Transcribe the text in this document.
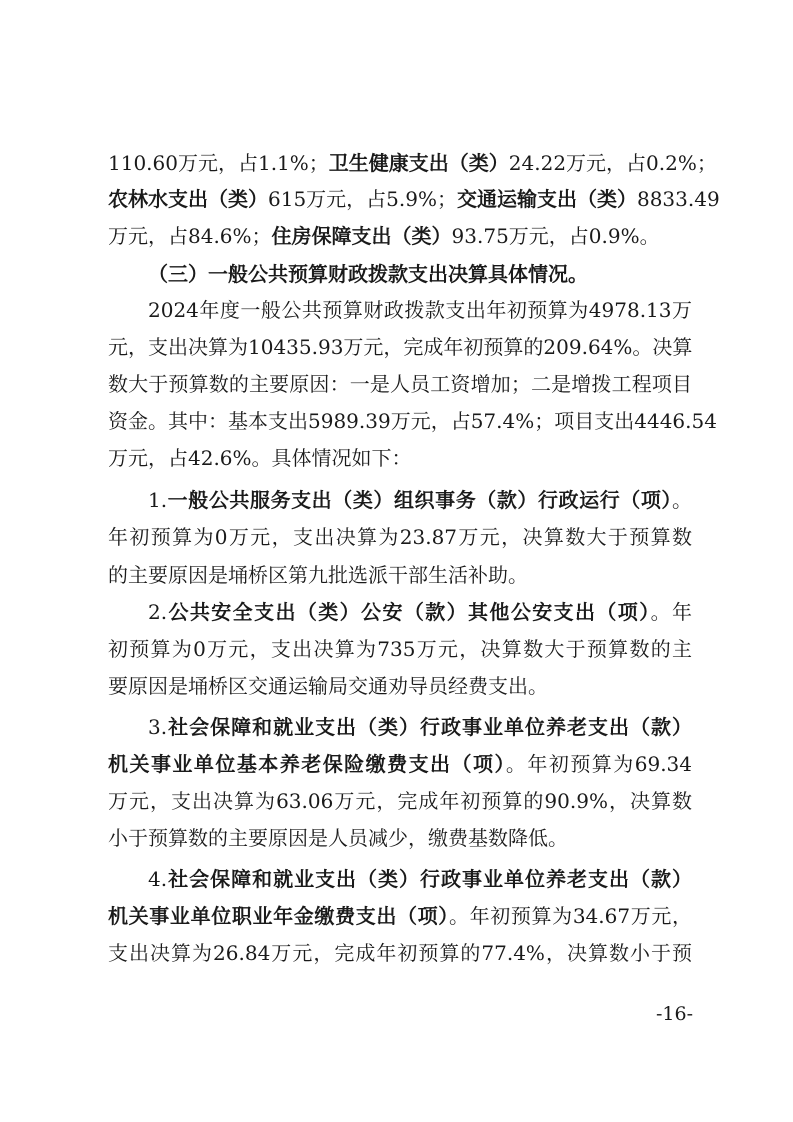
110.60万元，占1.1%；卫生健康支出（类）24.22万元，占0.2%；
农林水支出（类）615万元，占5.9%；交通运输支出（类）8833.49
万元，占84.6%；住房保障支出（类）93.75万元，占0.9%。
（三）一般公共预算财政拨款支出决算具体情况。
2024年度一般公共预算财政拨款支出年初预算为4978.13万
元，支出决算为10435.93万元，完成年初预算的209.64%。决算
数大于预算数的主要原因：一是人员工资增加；二是增拨工程项目
资金。其中：基本支出5989.39万元，占57.4%；项目支出4446.54
万元，占42.6%。具体情况如下：
1.一般公共服务支出（类）组织事务（款）行政运行（项）。
年初预算为0万元，支出决算为23.87万元，决算数大于预算数
的主要原因是埇桥区第九批选派干部生活补助。
2.公共安全支出（类）公安（款）其他公安支出（项）。年
初预算为0万元，支出决算为735万元，决算数大于预算数的主
要原因是埇桥区交通运输局交通劝导员经费支出。
3.社会保障和就业支出（类）行政事业单位养老支出（款）
机关事业单位基本养老保险缴费支出（项）。年初预算为69.34
万元，支出决算为63.06万元，完成年初预算的90.9%，决算数
小于预算数的主要原因是人员减少，缴费基数降低。
4.社会保障和就业支出（类）行政事业单位养老支出（款）
机关事业单位职业年金缴费支出（项）。年初预算为34.67万元，
支出决算为26.84万元，完成年初预算的77.4%，决算数小于预
-16-
